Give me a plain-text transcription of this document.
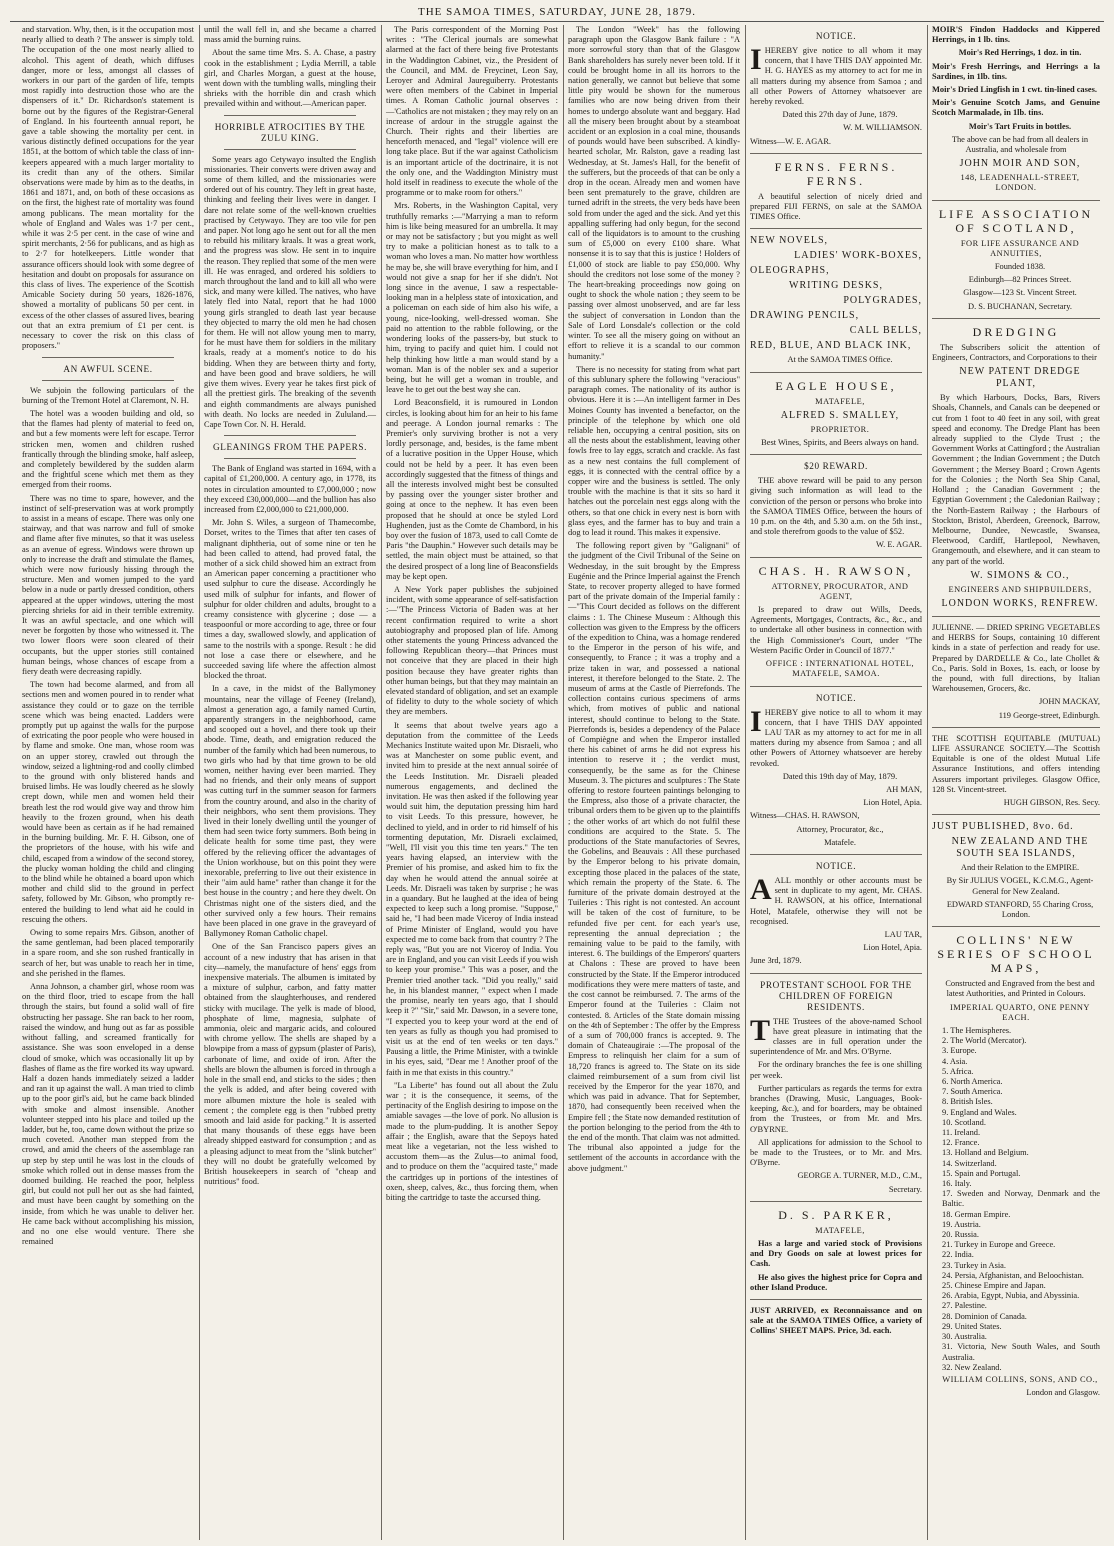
THE SAMOA TIMES, SATURDAY, JUNE 28, 1879.

and starvation. Why, then, is it the occupation most nearly allied to death ? The answer is simply told. The occupation of the one most nearly allied to alcohol. This agent of death, which diffuses danger, more or less, amongst all classes of workers in our part of the garden of life, tempts most rapidly into destruction those who are the dispensers of it." Dr. Richardson's statement is borne out by the figures of the Registrar-General of England. In his fourteenth annual report, he gave a table showing the mortality per cent. in various distinctly defined occupations for the year 1851, at the bottom of which table the class of inn-keepers appeared with a much larger mortality to its credit than any of the others. Similar observations were made by him as to the deaths, in 1861 and 1871, and, on both of these occasions as on the first, the highest rate of mortality was found among publicans. The mean mortality for the whole of England and Wales was 1·7 per cent., while it was 2·5 per cent. in the case of wine and spirit merchants, 2·56 for publicans, and as high as to 2·7 for hotelkeepers. Little wonder that assurance officers should look with some degree of hesitation and doubt on proposals for assurance on this class of lives. The experience of the Scottish Amicable Society during 50 years, 1826-1876, showed a mortality of publicans 50 per cent. in excess of the other classes of assured lives, bearing out that an extra premium of £1 per cent. is necessary to cover the risk on this class of proposers."

AN AWFUL SCENE.

We subjoin the following particulars of the burning of the Tremont Hotel at Claremont, N. H.

The hotel was a wooden building and old, so that the flames had plenty of material to feed on, and but a few moments were left for escape. Terror stricken men, women and children rushed frantically through the blinding smoke, half asleep, and completely bewildered by the sudden alarm and the frightful scene which met them as they emerged from their rooms.

There was no time to spare, however, and the instinct of self-preservation was at work promptly to assist in a means of escape. There was only one stairway, and that was narrow and full of smoke and flame after five minutes, so that it was useless as an avenue of egress. Windows were thrown up only to increase the draft and stimulate the flames, which were now furiously hissing through the structure. Men and women jumped to the yard below in a nude or partly dressed condition, others appeared at the upper windows, uttering the most piercing shrieks for aid in their terrible extremity. It was an awful spectacle, and one which will never be forgotten by those who witnessed it. The two lower floors were soon cleared of their occupants, but the upper stories still contained human beings, whose chances of escape from a fiery death were decreasing rapidly.

The town had become alarmed, and from all sections men and women poured in to render what assistance they could or to gaze on the terrible scene which was being enacted. Ladders were promptly put up against the walls for the purpose of extricating the poor people who were housed in by flame and smoke. One man, whose room was on an upper storey, crawled out through the window, seized a lightning-rod and coolly climbed to the ground with only blistered hands and bruised limbs. He was loudly cheered as he slowly crept down, while men and women held their breath lest the rod would give way and throw him heavily to the frozen ground, when his death would have been as certain as if he had remained in the burning building. Mr. F. H. Gibson, one of the proprietors of the house, with his wife and child, escaped from a window of the second storey, the plucky woman holding the child and clinging to the blind while he obtained a board upon which mother and child slid to the ground in perfect safety, followed by Mr. Gibson, who promptly re-entered the building to lend what aid he could in rescuing the others.

Owing to some repairs Mrs. Gibson, another of the same gentleman, had been placed temporarily in a spare room, and she son rushed frantically in search of her, but was unable to reach her in time, and she perished in the flames.

Anna Johnson, a chamber girl, whose room was on the third floor, tried to escape from the hall through the stairs, but found a solid wall of fire obstructing her passage. She ran back to her room, raised the window, and hung out as far as possible without falling, and screamed frantically for assistance. She was soon enveloped in a dense cloud of smoke, which was occasionally lit up by flashes of flame as the fire worked its way upward. Half a dozen hands immediately seized a ladder and ran it up against the wall. A man tried to climb up to the poor girl's aid, but he came back blinded with smoke and almost insensible. Another volunteer stepped into his place and toiled up the ladder, but he, too, came down without the prize so much coveted. Another man stepped from the crowd, and amid the cheers of the assemblage ran up step by step until he was lost in the clouds of smoke which rolled out in dense masses from the doomed building. He reached the poor, helpless girl, but could not pull her out as she had fainted, and must have been caught by something on the inside, from which he was unable to deliver her. He came back without accomplishing his mission, and no one else would venture. There she remained

until the wall fell in, and she became a charred mass amid the burning ruins.

About the same time Mrs. S. A. Chase, a pastry cook in the establishment ; Lydia Merrill, a table girl, and Charles Morgan, a guest at the house, went down with the tumbling walls, mingling their shrieks with the horrible din and crash which prevailed within and without.—American paper.

HORRIBLE ATROCITIES BY THE ZULU KING.

Some years ago Cetywayo insulted the English missionaries. Their converts were driven away and some of them killed, and the missionaries were ordered out of his country. They left in great haste, thinking and feeling their lives were in danger. I dare not relate some of the well-known cruelties practised by Cetywayo. They are too vile for pen and paper. Not long ago he sent out for all the men to rebuild his military kraals. It was a great work, and the progress was slow. He sent in to inquire the reason. They replied that some of the men were ill. He was enraged, and ordered his soldiers to march throughout the land and to kill all who were sick, and many were killed. The natives, who have lately fled into Natal, report that he had 1000 young girls strangled to death last year because they objected to marry the old men he had chosen for them. He will not allow young men to marry, for he must have them for soldiers in the military kraals, ready at a moment's notice to do his bidding. When they are between thirty and forty, and have been good and brave soldiers, he will give them wives. Every year he takes first pick of all the prettiest girls. The breaking of the seventh and eighth commandments are always punished with death. No locks are needed in Zululand.—Cape Town Cor. N. H. Herald.

GLEANINGS FROM THE PAPERS.

The Bank of England was started in 1694, with a capital of £1,200,000. A century ago, in 1778, its notes in circulation amounted to £7,000,000 ; now they exceed £30,000,000—and the bullion has also increased from £2,000,000 to £21,000,000.

Mr. John S. Wiles, a surgeon of Thamecombe, Dorset, writes to the Times that after ten cases of malignant diphtheria, out of some nine or ten he had been called to attend, had proved fatal, the mother of a sick child showed him an extract from an American paper concerning a practitioner who used sulphur to cure the disease. Accordingly he used milk of sulphur for infants, and flower of sulphur for older children and adults, brought to a creamy consistence with glycerine ; dose — a teaspoonful or more according to age, three or four times a day, swallowed slowly, and application of same to the nostrils with a sponge. Result : he did not lose a case there or elsewhere, and he succeeded saving life where the affection almost blocked the throat.

In a cave, in the midst of the Ballymoney mountains, near the village of Feeney (Ireland), almost a generation ago, a family named Curtin, apparently strangers in the neighborhood, came and scooped out a hovel, and there took up their abode. Time, death, and emigration reduced the number of the family which had been numerous, to two girls who had by that time grown to be old women, neither having ever been married. They had no friends, and their only means of support was cutting turf in the summer season for farmers from the country around, and also in the charity of their neighbors, who sent them provisions. They lived in their lonely dwelling until the younger of them had seen twice forty summers. Both being in delicate health for some time past, they were offered by the relieving officer the advantages of the Union workhouse, but on this point they were inexorable, preferring to live out their existence in their "aim auld hame" rather than change it for the best house in the country ; and here they dwelt. On Christmas night one of the sisters died, and the other survived only a few hours. Their remains have been placed in one grave in the graveyard of Ballymoney Roman Catholic chapel.

One of the San Francisco papers gives an account of a new industry that has arisen in that city—namely, the manufacture of hens' eggs from inexpensive materials. The albumen is imitated by a mixture of sulphur, carbon, and fatty matter obtained from the slaughterhouses, and rendered sticky with mucilage. The yelk is made of blood, phosphate of lime, magnesia, sulphate of ammonia, oleic and margaric acids, and coloured with chrome yellow. The shells are shaped by a blowpipe from a mass of gypsum (plaster of Paris), carbonate of lime, and oxide of iron. After the shells are blown the albumen is forced in through a hole in the small end, and sticks to the sides ; then the yelk is added, and after being covered with more albumen mixture the hole is sealed with cement ; the complete egg is then "rubbed pretty smooth and laid aside for packing." It is asserted that many thousands of these eggs have been already shipped eastward for consumption ; and as a pleasing adjunct to meat from the "slink butcher" they will no doubt be gratefully welcomed by British housekeepers in search of "cheap and nutritious" food.

The Paris correspondent of the Morning Post writes : "The Clerical journals are somewhat alarmed at the fact of there being five Protestants in the Waddington Cabinet, viz., the President of the Council, and MM. de Freycinet, Leon Say, Leroyer and Admiral Jaureguiberry. Protestants were often members of the Cabinet in Imperial times. A Roman Catholic journal observes :—'Catholics are not mistaken ; they may rely on an increase of ardour in the struggle against the Church. Their rights and their liberties are henceforth menaced, and "legal" violence will ere long take place. But if the war against Catholicism is an important article of the doctrinaire, it is not the only one, and the Waddington Ministry must hold itself in readiness to execute the whole of the programme or to make room for others."

Mrs. Roberts, in the Washington Capital, very truthfully remarks :—"Marrying a man to reform him is like being measured for an umbrella. It may or may not be satisfactory ; but you might as well try to make a politician honest as to talk to a woman who loves a man. No matter how worthless he may be, she will brave everything for him, and I would not give a snap for her if she didn't. Not long since in the avenue, I saw a respectable-looking man in a helpless state of intoxication, and a policeman on each side of him also his wife, a young, nice-looking, well-dressed woman. She paid no attention to the rabble following, or the wondering looks of the passers-by, but stuck to him, trying to pacify and quiet him. I could not help thinking how little a man would stand by a woman. Man is of the nobler sex and a superior being, but he will get a woman in trouble, and leave he to get out the best way she can.

Lord Beaconsfield, it is rumoured in London circles, is looking about him for an heir to his fame and peerage. A London journal remarks : The Premier's only surviving brother is not a very lordly personage, and, besides, is the fame mbent of a lucrative position in the Upper House, which could not be held by a peer. It has even been accordingly suggested that the fitness of things and all the interests involved might best be consulted by passing over the younger sister brother and going at once to the nephew. It has even been proposed that he should at once be styled Lord Hughenden, just as the Comte de Chambord, in his boy over the fusion of 1873, used to call Comte de Paris "the Dauphin." However such details may be settled, the main object must be attained, so that the desired prospect of a long line of Beaconsfields may be kept open.

A New York paper publishes the subjoined incident, with some appearance of self-satisfaction :—"The Princess Victoria of Baden was at her recent confirmation required to write a short autobiography and proposed plan of life. Among other statements the young Princess advanced the following Republican theory—that Princes must not conceive that they are placed in their high position because they have greater rights than other human beings, but that they may maintain an elevated standard of obligation, and set an example of fidelity to duty to the whole society of which they are members.

It seems that about twelve years ago a deputation from the committee of the Leeds Mechanics Institute waited upon Mr. Disraeli, who was at Manchester on some public event, and invited him to preside at the next annual soirée of the Leeds Institution. Mr. Disraeli pleaded numerous engagements, and declined the invitation. He was then asked if the following year would suit him, the deputation pressing him hard to visit Leeds. To this pressure, however, he declined to yield, and in order to rid himself of his tormenting deputation, Mr. Disraeli exclaimed, "Well, I'll visit you this time ten years." The ten years having elapsed, an interview with the Premier of his promise, and asked him to fix the day when he would attend the annual soirée at Leeds. Mr. Disraeli was taken by surprise ; he was in a quandary. But he laughed at the idea of being expected to keep such a long promise. "Suppose," said he, "I had been made Viceroy of India instead of Prime Minister of England, would you have expected me to come back from that country ? The reply was, "But you are not Viceroy of India. You are in England, and you can visit Leeds if you wish to keep your promise." This was a poser, and the Premier tried another tack. "Did you really," said he, in his blandest manner, " expect when I made the promise, nearly ten years ago, that I should keep it ?" "Sir," said Mr. Dawson, in a severe tone, "I expected you to keep your word at the end of ten years as fully as though you had promised to visit us at the end of ten weeks or ten days." Pausing a little, the Prime Minister, with a twinkle in his eyes, said, "Dear me ! Another proof of the faith in me that exists in this country."

"La Liberte" has found out all about the Zulu war ; it is the consequence, it seems, of the pertinacity of the English desiring to impose on the amiable savages —the love of pork. No allusion is made to the plum-pudding. It is another Sepoy affair ; the English, aware that the Sepoys hated meat like a vegetarian, not the less wished to accustom them—as the Zulus—to animal food, and to produce on them the "acquired taste," made the cartridges up in portions of the intestines of oxen, sheep, calves, &c., thus forcing them, when biting the cartridge to taste the accursed thing.

The London "Week" has the following paragraph upon the Glasgow Bank failure : "A more sorrowful story than that of the Glasgow Bank shareholders has surely never been told. If it could be brought home in all its horrors to the nation generally, we cannot but believe that some little pity would be shown for the numerous families who are now being driven from their homes to undergo absolute want and beggary. Had all the misery been brought about by a steamboat accident or an explosion in a coal mine, thousands of pounds would have been subscribed. A kindly-hearted scholar, Mr. Ralston, gave a reading last Wednesday, at St. James's Hall, for the benefit of the sufferers, but the proceeds of that can be only a drop in the ocean. Already men and women have been sent prematurely to the grave, children are turned adrift in the streets, the very beds have been sold from under the aged and the sick. And yet this appalling suffering had only begun, for the second call of the liquidators is to amount to the crushing sum of £5,000 on every £100 share. What nonsense it is to say that this is justice ! Holders of £1,000 of stock are liable to pay £50,000. Why should the creditors not lose some of the money ? The heart-breaking proceedings now going on ought to shock the whole nation ; they seem to be passing over almost unobserved, and are far less the subject of conversation in London than the Sale of Lord Lonsdale's collection or the cold winter. To see all the misery going on without an effort to relieve it is a scandal to our common humanity."

There is no necessity for stating from what part of this sublunary sphere the following "veracious" paragraph comes. The nationality of its author is obvious. Here it is :—An intelligent farmer in Des Moines County has invented a benefactor, on the principle of the telephone by which one old reliable hen, occupying a central position, sits on all the nests about the establishment, leaving other fowls free to lay eggs, scratch and crackle. As fast as a new nest contains the full complement of eggs, it is connected with the central office by a copper wire and the business is settled. The only trouble with the machine is that it sits so hard it hatches out the porcelain nest eggs along with the others, so that one chick in every nest is born with glass eyes, and the farmer has to buy and train a dog to lead it round. This makes it expensive.

The following report given by "Galignani" of the judgment of the Civil Tribunal of the Seine on Wednesday, in the suit brought by the Empress Eugénie and the Prince Imperial against the French State, to recover property alleged to have formed part of the private domain of the Imperial family :—"This Court decided as follows on the different claims : 1. The Chinese Museum : Although this collection was given to the Empress by the officers of the expedition to China, was a homage rendered to the Emperor in the person of his wife, and consequently, to France ; it was a trophy and a prize taken in war, and possessed a national interest, it therefore belonged to the State. 2. The museum of arms at the Castle of Pierrefonds. The collection contains curious specimens of arms which, from motives of public and national interest, should continue to belong to the State. Pierrefonds is, besides a dependency of the Palace of Compiègne and when the Emperor installed there his cabinet of arms he did not express his intention to reserve it ; the verdict must, consequently, be the same as for the Chinese Museum. 3. The pictures and sculptures : The State offering to restore fourteen paintings belonging to the Empress, also those of a private character, the tribunal orders them to be given up to the plaintiffs ; the other works of art which do not fulfil these conditions are acquired to the State. 5. The productions of the State manufactories of Sevres, the Gobelins, and Beauvais : All these purchased by the Emperor belong to his private domain, excepting those placed in the palaces of the state, which remain the property of the State. 6. The furniture of the private domain destroyed at the Tuileries : This right is not contested. An account will be taken of the cost of furniture, to be refunded five per cent. for each year's use, representing the annual depreciation ; the remaining value to be paid to the family, with interest. 6. The buildings of the Emperors' quarters at Chalons : These are proved to have been constructed by the State. If the Emperor introduced modifications they were mere matters of taste, and the cost cannot be reimbursed. 7. The arms of the Emperor found at the Tuileries : Claim not contested. 8. Articles of the State domain missing on the 4th of September : The offer by the Empress of a sum of 700,000 francs is accepted. 9. The domain of Chateaugiraie :—The proposal of the Empress to relinquish her claim for a sum of 18,720 francs is agreed to. The State on its side claimed reimbursement of a sum from civil list received by the Emperor for the year 1870, and which was paid in advance. That for September, 1870, had consequently been received when the Empire fell ; the State now demanded restitution of the portion belonging to the period from the 4th to the end of the month. That claim was not admitted. The tribunal also appointed a judge for the settlement of the accounts in accordance with the above judgment."

NOTICE.

IHEREBY give notice to all whom it may concern, that I have THIS DAY appointed Mr. H. G. HAYES as my attorney to act for me in all matters during my absence from Samoa ; and all other Powers of Attorney whatsoever are hereby revoked.

Dated this 27th day of June, 1879.

W. M. WILLIAMSON.

Witness—W. E. AGAR.

FERNS. FERNS. FERNS.

A beautiful selection of nicely dried and prepared FIJI FERNS, on sale at the SAMOA TIMES Office.

NEW NOVELS,

LADIES' WORK-BOXES,

OLEOGRAPHS,

WRITING DESKS,

POLYGRADES,

DRAWING PENCILS,

CALL BELLS,

RED, BLUE, AND BLACK INK,

At the SAMOA TIMES Office.

EAGLE HOUSE,

MATAFELE,

ALFRED S. SMALLEY,

PROPRIETOR.

Best Wines, Spirits, and Beers always on hand.

$20 REWARD.

THE above reward will be paid to any person giving such information as will lead to the conviction of the person or persons who broke into the SAMOA TIMES Office, between the hours of 10 p.m. on the 4th, and 5.30 a.m. on the 5th inst., and stole therefrom goods to the value of $52.

W. E. AGAR.

CHAS. H. RAWSON,

ATTORNEY, PROCURATOR, AND AGENT,

Is prepared to draw out Wills, Deeds, Agreements, Mortgages, Contracts, &c., &c., and to undertake all other business in connection with the High Commissioner's Court, under "The Western Pacific Order in Council of 1877."

OFFICE : INTERNATIONAL HOTEL, MATAFELE, SAMOA.

NOTICE.

IHEREBY give notice to all to whom it may concern, that I have THIS DAY appointed LAU TAR as my attorney to act for me in all matters during my absence from Samoa ; and all other Powers of Attorney whatsoever are hereby revoked.

Dated this 19th day of May, 1879.

AH MAN,

Lion Hotel, Apia.

Witness—CHAS. H. RAWSON,

Attorney, Procurator, &c.,

Matafele.

NOTICE.

AALL monthly or other accounts must be sent in duplicate to my agent, Mr. CHAS. H. RAWSON, at his office, International Hotel, Matafele, otherwise they will not be recognised.

LAU TAR,

Lion Hotel, Apia.

June 3rd, 1879.

PROTESTANT SCHOOL FOR THE CHILDREN OF FOREIGN RESIDENTS.

TTHE Trustees of the above-named School have great pleasure in intimating that the classes are in full operation under the superintendence of Mr. and Mrs. O'Byrne.

For the ordinary branches the fee is one shilling per week.

Further particulars as regards the terms for extra branches (Drawing, Music, Languages, Book-keeping, &c.), and for boarders, may be obtained from the Trustees, or from Mr. and Mrs. O'BYRNE.

All applications for admission to the School to be made to the Trustees, or to Mr. and Mrs. O'Byrne.

GEORGE A. TURNER, M.D., C.M.,

Secretary.

D. S. PARKER,

MATAFELE,

Has a large and varied stock of Provisions and Dry Goods on sale at lowest prices for Cash.

He also gives the highest price for Copra and other Island Produce.

JUST ARRIVED, ex Reconnaissance and on sale at the SAMOA TIMES Office, a variety of Collins' SHEET MAPS. Price, 3d. each.

MOIR'S Findon Haddocks and Kippered Herrings, in 1 lb. tins.

Moir's Red Herrings, 1 doz. in tin.

Moir's Fresh Herrings, and Herrings a la Sardines, in 1lb. tins.

Moir's Dried Lingfish in 1 cwt. tin-lined cases.

Moir's Genuine Scotch Jams, and Genuine Scotch Marmalade, in 1lb. tins.

Moir's Tart Fruits in bottles.

The above can be had from all dealers in Australia, and wholesale from

JOHN MOIR AND SON,

148, LEADENHALL-STREET, LONDON.

LIFE ASSOCIATION OF SCOTLAND,

FOR LIFE ASSURANCE AND ANNUITIES,

Founded 1838.

Edinburgh—82 Princes Street.

Glasgow—123 St. Vincent Street.

D. S. BUCHANAN, Secretary.

DREDGING

The Subscribers solicit the attention of Engineers, Contractors, and Corporations to their

NEW PATENT DREDGE PLANT,

By which Harbours, Docks, Bars, Rivers Shoals, Channels, and Canals can be deepened or cut from 1 foot to 40 feet in any soil, with great speed and economy. The Dredge Plant has been already supplied to the Clyde Trust ; the Government Works at Cattingford ; the Australian Government ; the Indian Government ; the Dutch Government ; the Mersey Board ; Crown Agents for the Colonies ; the North Sea Ship Canal, Holland ; the Canadian Government ; the Egyptian Government ; the Caledonian Railway ; the North-Eastern Railway ; the Harbours of Stockton, Bristol, Aberdeen, Greenock, Barrow, Melbourne, Dundee, Newcastle, Swansea, Fleetwood, Cardiff, Hartlepool, Newhaven, Grangemouth, and elsewhere, and it can steam to any part of the world.

W. SIMONS & CO.,

ENGINEERS AND SHIPBUILDERS,

LONDON WORKS, RENFREW.

JULIENNE. — DRIED SPRING VEGETABLES and HERBS for Soups, containing 10 different kinds in a state of perfection and ready for use. Prepared by DARDELLE & Co., late Chollet & Co., Paris. Sold in Boxes, 1s. each, or loose by the pound, with full directions, by Italian Warehousemen, Grocers, &c.

JOHN MACKAY,

119 George-street, Edinburgh.

THE SCOTTISH EQUITABLE (MUTUAL) LIFE ASSURANCE SOCIETY.—The Scottish Equitable is one of the oldest Mutual Life Assurance Institutions, and offers intending Assurers important privileges. Glasgow Office, 128 St. Vincent-street.

HUGH GIBSON, Res. Secy.

JUST PUBLISHED, 8vo. 6d.

NEW ZEALAND AND THE SOUTH SEA ISLANDS,

And their Relation to the EMPIRE.

By Sir JULIUS VOGEL, K.C.M.G., Agent-General for New Zealand.

EDWARD STANFORD, 55 Charing Cross, London.

COLLINS' NEW SERIES OF SCHOOL MAPS,

Constructed and Engraved from the best and latest Authorities, and Printed in Colours.

IMPERIAL QUARTO, ONE PENNY EACH.

1. The Hemispheres.
2. The World (Mercator).
3. Europe.
4. Asia.
5. Africa.
6. North America.
7. South America.
8. British Isles.
9. England and Wales.
10. Scotland.
11. Ireland.
12. France.
13. Holland and Belgium.
14. Switzerland.
15. Spain and Portugal.
16. Italy.
17. Sweden and Norway, Denmark and the Baltic.
18. German Empire.
19. Austria.
20. Russia.
21. Turkey in Europe and Greece.
22. India.
23. Turkey in Asia.
24. Persia, Afghanistan, and Beloochistan.
25. Chinese Empire and Japan.
26. Arabia, Egypt, Nubia, and Abyssinia.
27. Palestine.
28. Dominion of Canada.
29. United States.
30. Australia.
31. Victoria, New South Wales, and South Australia.
32. New Zealand.

WILLIAM COLLINS, SONS, AND CO.,

London and Glasgow.
